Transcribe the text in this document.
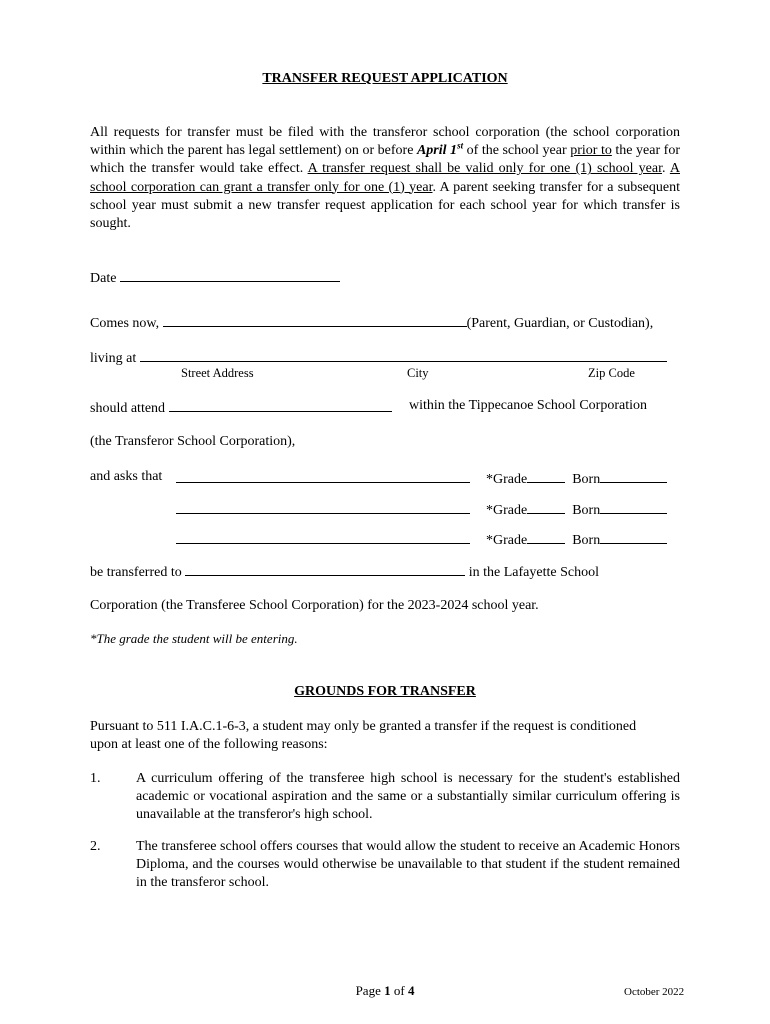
TRANSFER REQUEST APPLICATION
All requests for transfer must be filed with the transferor school corporation (the school corporation within which the parent has legal settlement) on or before April 1st of the school year prior to the year for which the transfer would take effect. A transfer request shall be valid only for one (1) school year. A school corporation can grant a transfer only for one (1) year. A parent seeking transfer for a subsequent school year must submit a new transfer request application for each school year for which transfer is sought.
Date
Comes now,	(Parent, Guardian, or Custodian),
living at
Street Address	City	Zip Code
should attend	within the Tippecanoe School Corporation
(the Transferor School Corporation),
and asks that	*Grade	Born
*Grade	Born
*Grade	Born
be transferred to	in the Lafayette School
Corporation (the Transferee School Corporation) for the 2023-2024 school year.
*The grade the student will be entering.
GROUNDS FOR TRANSFER
Pursuant to 511 I.A.C.1-6-3, a student may only be granted a transfer if the request is conditioned upon at least one of the following reasons:
1.	A curriculum offering of the transferee high school is necessary for the student's established academic or vocational aspiration and the same or a substantially similar curriculum offering is unavailable at the transferor's high school.
2.	The transferee school offers courses that would allow the student to receive an Academic Honors Diploma, and the courses would otherwise be unavailable to that student if the student remained in the transferor school.
Page 1 of 4	October 2022
